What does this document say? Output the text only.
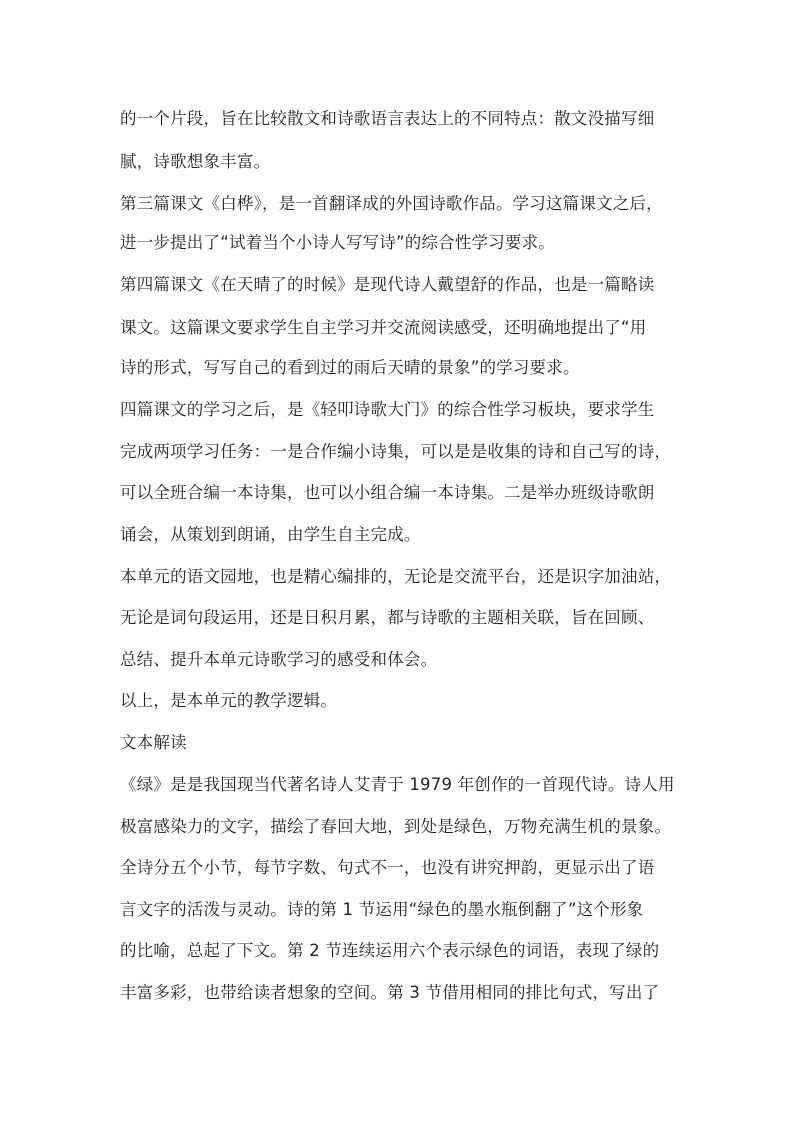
的一个片段，旨在比较散文和诗歌语言表达上的不同特点：散文没描写细
腻，诗歌想象丰富。
第三篇课文《白桦》，是一首翻译成的外国诗歌作品。学习这篇课文之后，
进一步提出了“试着当个小诗人写写诗”的综合性学习要求。
第四篇课文《在天晴了的时候》是现代诗人戴望舒的作品，也是一篇略读
课文。这篇课文要求学生自主学习并交流阅读感受，还明确地提出了“用
诗的形式，写写自己的看到过的雨后天晴的景象”的学习要求。
四篇课文的学习之后，是《轻叩诗歌大门》的综合性学习板块，要求学生
完成两项学习任务：一是合作编小诗集，可以是是收集的诗和自己写的诗，
可以全班合编一本诗集，也可以小组合编一本诗集。二是举办班级诗歌朗
诵会，从策划到朗诵，由学生自主完成。
本单元的语文园地，也是精心编排的，无论是交流平台，还是识字加油站，
无论是词句段运用，还是日积月累，都与诗歌的主题相关联，旨在回顾、
总结、提升本单元诗歌学习的感受和体会。
以上，是本单元的教学逻辑。
文本解读
《绿》是是我国现当代著名诗人艾青于 1979 年创作的一首现代诗。诗人用
极富感染力的文字，描绘了春回大地，到处是绿色，万物充满生机的景象。
全诗分五个小节，每节字数、句式不一，也没有讲究押韵，更显示出了语
言文字的活泼与灵动。诗的第 1 节运用“绿色的墨水瓶倒翻了”这个形象
的比喻，总起了下文。第 2 节连续运用六个表示绿色的词语，表现了绿的
丰富多彩，也带给读者想象的空间。第 3 节借用相同的排比句式，写出了
